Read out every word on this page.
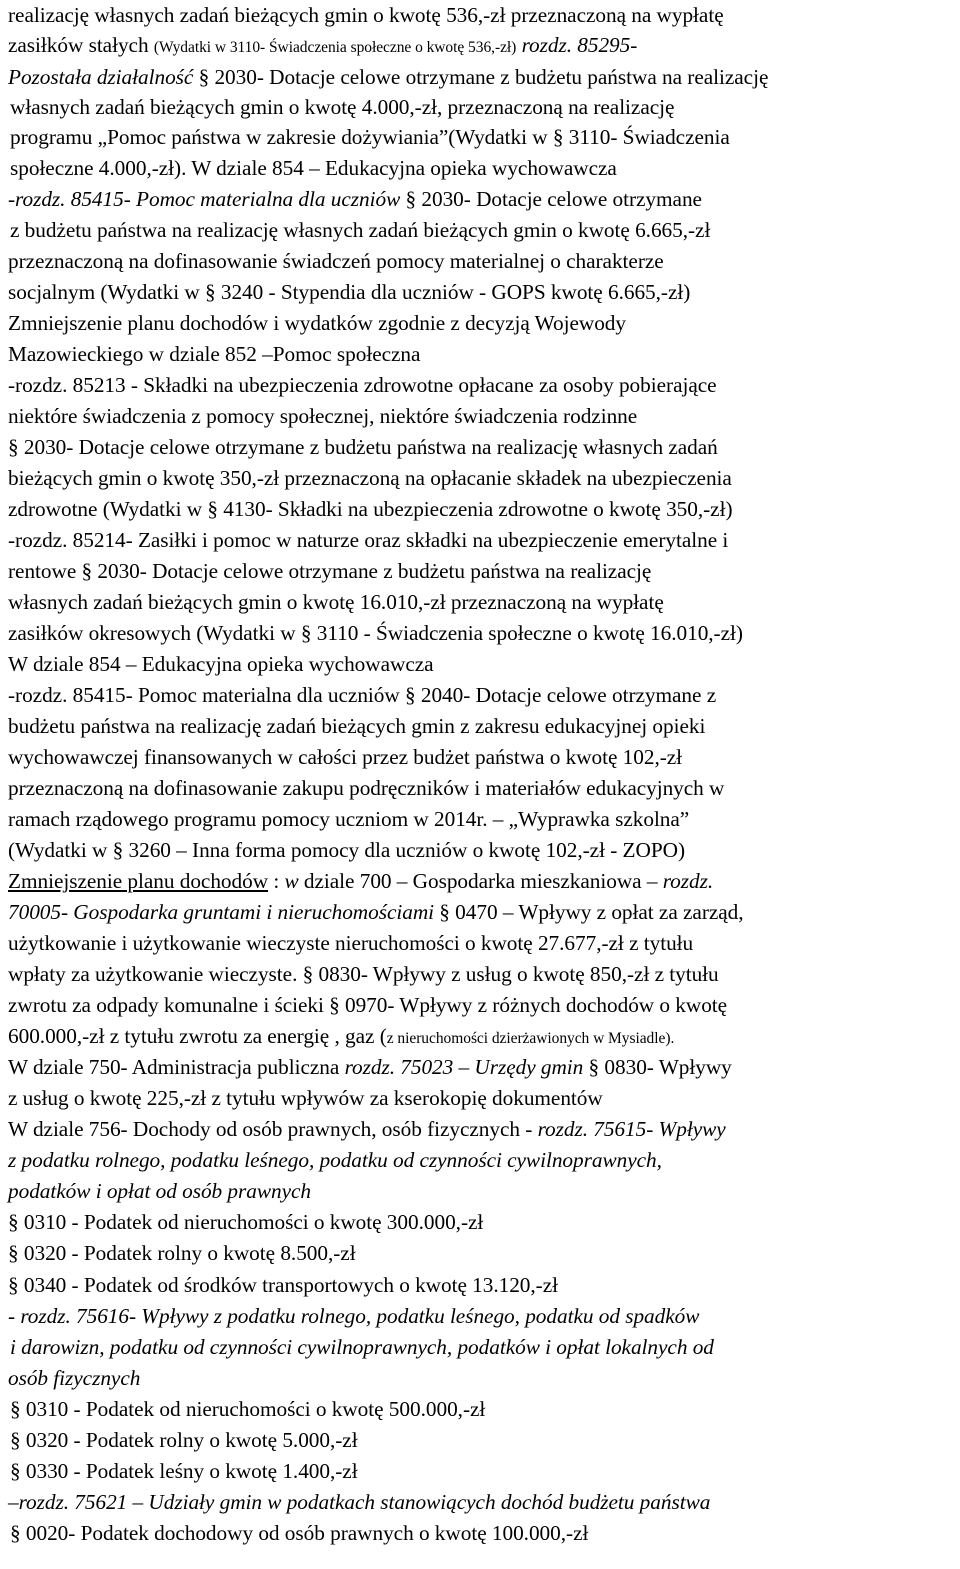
realizację własnych zadań bieżących gmin o kwotę 536,-zł przeznaczoną na wypłatę
zasiłków stałych (Wydatki w 3110- Świadczenia społeczne o kwotę 536,-zł) rozdz. 85295-
Pozostała działalność § 2030- Dotacje celowe otrzymane z budżetu państwa na realizację
własnych zadań bieżących gmin o kwotę 4.000,-zł, przeznaczoną na realizację
programu „Pomoc państwa w zakresie dożywiania”(Wydatki w § 3110- Świadczenia
społeczne 4.000,-zł). W dziale 854 – Edukacyjna opieka wychowawcza
-rozdz. 85415- Pomoc materialna dla uczniów § 2030- Dotacje celowe otrzymane
z budżetu państwa na realizację własnych zadań bieżących gmin o kwotę 6.665,-zł
przeznaczoną na dofinasowanie świadczeń pomocy materialnej o charakterze
socjalnym (Wydatki w § 3240 - Stypendia dla uczniów - GOPS kwotę 6.665,-zł)
Zmniejszenie planu dochodów i wydatków zgodnie z decyzją Wojewody
Mazowieckiego w dziale 852 –Pomoc społeczna
-rozdz. 85213 - Składki na ubezpieczenia zdrowotne opłacane za osoby pobierające
niektóre świadczenia z pomocy społecznej, niektóre świadczenia rodzinne
§ 2030- Dotacje celowe otrzymane z budżetu państwa na realizację własnych zadań
bieżących gmin o kwotę 350,-zł przeznaczoną na opłacanie składek na ubezpieczenia
zdrowotne (Wydatki w § 4130- Składki na ubezpieczenia zdrowotne o kwotę 350,-zł)
-rozdz. 85214- Zasiłki i pomoc w naturze oraz składki na ubezpieczenie emerytalne i
rentowe § 2030- Dotacje celowe otrzymane z budżetu państwa na realizację
własnych zadań bieżących gmin o kwotę 16.010,-zł przeznaczoną na wypłatę
zasiłków okresowych (Wydatki w § 3110 - Świadczenia społeczne o kwotę 16.010,-zł)
W dziale 854 – Edukacyjna opieka wychowawcza
-rozdz. 85415- Pomoc materialna dla uczniów § 2040- Dotacje celowe otrzymane z
budżetu państwa na realizację zadań bieżących gmin z zakresu edukacyjnej opieki
wychowawczej finansowanych w całości przez budżet państwa o kwotę 102,-zł
przeznaczoną na dofinasowanie zakupu podręczników i materiałów edukacyjnych w
ramach rządowego programu pomocy uczniom w 2014r. – „Wyprawka szkolna”
(Wydatki w § 3260 – Inna forma pomocy dla uczniów o kwotę 102,-zł - ZOPO)
Zmniejszenie planu dochodów : w dziale 700 – Gospodarka mieszkaniowa – rozdz.
70005- Gospodarka gruntami i nieruchomościami § 0470 – Wpływy z opłat za zarząd,
użytkowanie i użytkowanie wieczyste nieruchomości o kwotę 27.677,-zł z tytułu
wpłaty za użytkowanie wieczyste. § 0830- Wpływy z usług o kwotę 850,-zł z tytułu
zwrotu za odpady komunalne i ścieki § 0970- Wpływy z różnych dochodów o kwotę
600.000,-zł z tytułu zwrotu za energię , gaz (z nieruchomości dzierżawionych w Mysiadle).
W dziale 750- Administracja publiczna rozdz. 75023 – Urzędy gmin § 0830- Wpływy
z usług o kwotę 225,-zł z tytułu wpływów za kserokopię dokumentów
W dziale 756- Dochody od osób prawnych, osób fizycznych - rozdz. 75615- Wpływy
z podatku rolnego, podatku leśnego, podatku od czynności cywilnoprawnych,
podatków i opłat od osób prawnych
§ 0310 - Podatek od nieruchomości o kwotę 300.000,-zł
§ 0320 - Podatek rolny o kwotę 8.500,-zł
§ 0340 - Podatek od środków transportowych o kwotę 13.120,-zł
- rozdz. 75616- Wpływy z podatku rolnego, podatku leśnego, podatku od spadków
i darowizn, podatku od czynności cywilnoprawnych, podatków i opłat lokalnych od
osób fizycznych
§ 0310 - Podatek od nieruchomości o kwotę 500.000,-zł
§ 0320 - Podatek rolny o kwotę 5.000,-zł
§ 0330 - Podatek leśny o kwotę 1.400,-zł
–rozdz. 75621 – Udziały gmin w podatkach stanowiących dochód budżetu państwa
§ 0020- Podatek dochodowy od osób prawnych o kwotę 100.000,-zł
